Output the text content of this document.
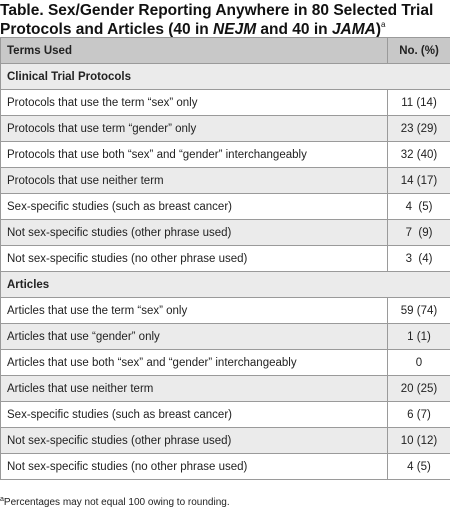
Table. Sex/Gender Reporting Anywhere in 80 Selected Trial
Protocols and Articles (40 in NEJM and 40 in JAMA)$^a$
Terms Used	No. (%)
Clinical Trial Protocols	
Protocols that use the term “sex” only	11 (14)
Protocols that use term “gender” only	23 (29)
Protocols that use both “sex” and “gender” interchangeably	32 (40)
Protocols that use neither term	14 (17)
Sex-specific studies (such as breast cancer)	4  (5)
Not sex-specific studies (other phrase used)	7  (9)
Not sex-specific studies (no other phrase used)	3  (4)
Articles	
Articles that use the term “sex” only	59 (74)
Articles that use “gender” only	1 (1)
Articles that use both “sex” and “gender” interchangeably	0
Articles that use neither term	20 (25)
Sex-specific studies (such as breast cancer)	6 (7)
Not sex-specific studies (other phrase used)	10 (12)
Not sex-specific studies (no other phrase used)	4 (5)
$^a$Percentages may not equal 100 owing to rounding.
